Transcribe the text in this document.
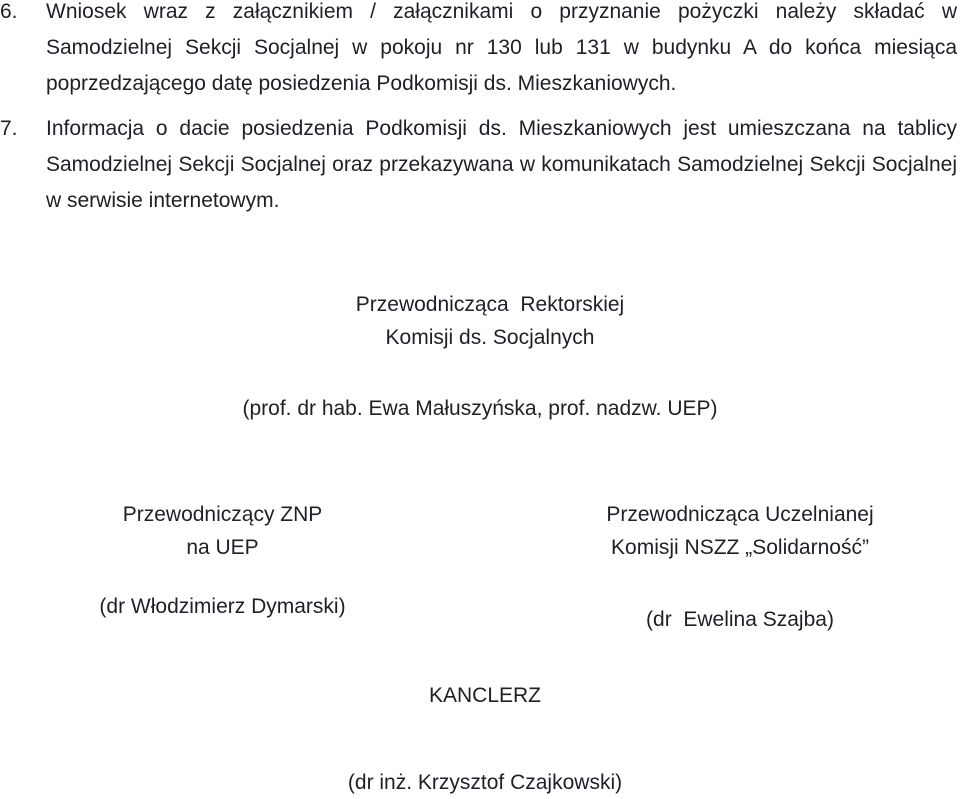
6.	Wniosek wraz z załącznikiem / załącznikami o przyznanie pożyczki należy składać w Samodzielnej Sekcji Socjalnej w pokoju nr 130 lub 131 w budynku A do końca miesiąca poprzedzającego datę posiedzenia Podkomisji ds. Mieszkaniowych.

7.	Informacja o dacie posiedzenia Podkomisji ds. Mieszkaniowych jest umieszczana na tablicy Samodzielnej Sekcji Socjalnej oraz przekazywana w komunikatach Samodzielnej Sekcji Socjalnej w serwisie internetowym.

Przewodnicząca  Rektorskiej
Komisji ds. Socjalnych
(prof. dr hab. Ewa Małuszyńska, prof. nadzw. UEP)
Przewodniczący ZNP
na UEP
(dr Włodzimierz Dymarski)
Przewodnicząca Uczelnianej
Komisji NSZZ „Solidarność”
(dr  Ewelina Szajba)
KANCLERZ
(dr inż. Krzysztof Czajkowski)
